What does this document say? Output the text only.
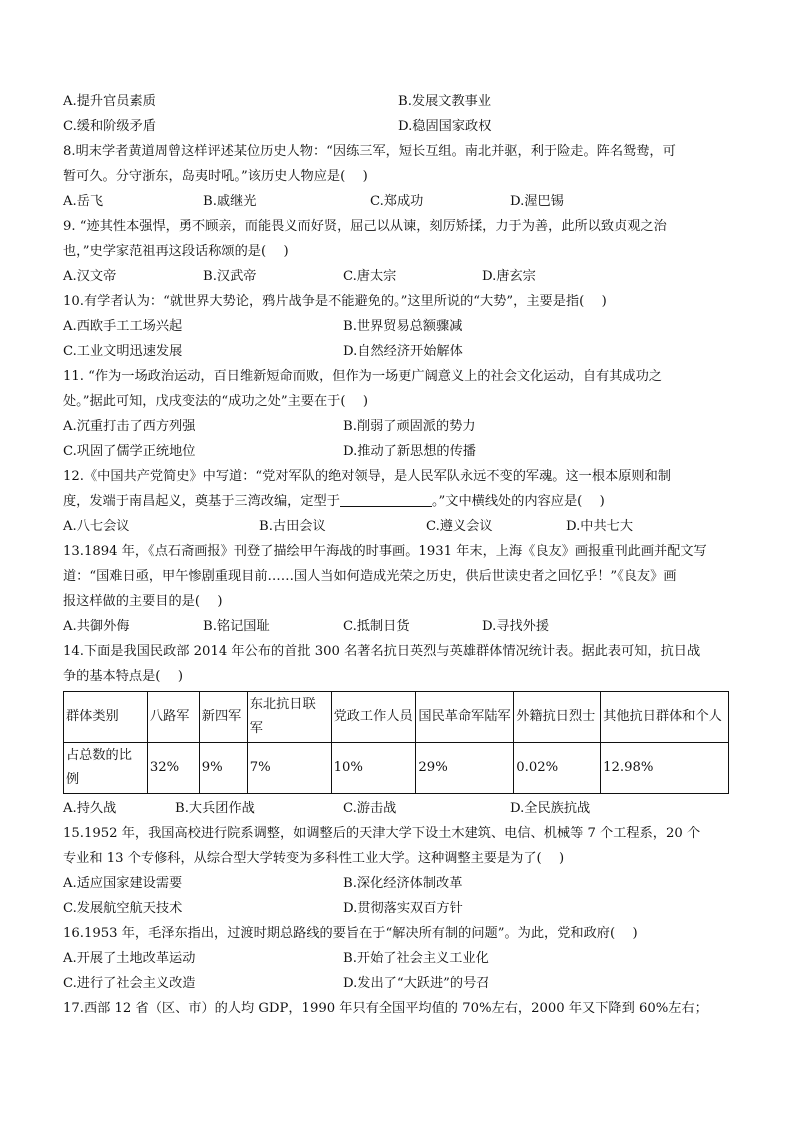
A.提升官员素质	B.发展文教事业
C.缓和阶级矛盾	D.稳固国家政权
8.明末学者黄道周曾这样评述某位历史人物：“因练三军，短长互组。南北并驱，利于险走。阵名鸳鸯，可
暂可久。分守浙东，岛夷时吼。”该历史人物应是(　 )
A.岳飞	B.戚继光	C.郑成功	D.渥巴锡
9. “迹其性本强悍，勇不顾亲，而能畏义而好贤，屈己以从谏，刻厉矫揉，力于为善，此所以致贞观之治
也，”史学家范祖再这段话称颂的是(　 )
A.汉文帝	B.汉武帝	C.唐太宗	D.唐玄宗
10.有学者认为：“就世界大势论，鸦片战争是不能避免的。”这里所说的“大势”，主要是指(　 )
A.西欧手工工场兴起	B.世界贸易总额骤减
C.工业文明迅速发展	D.自然经济开始解体
11. “作为一场政治运动，百日维新短命而败，但作为一场更广阔意义上的社会文化运动，自有其成功之
处。”据此可知，戊戌变法的“成功之处”主要在于(　 )
A.沉重打击了西方列强	B.削弱了顽固派的势力
C.巩固了儒学正统地位	D.推动了新思想的传播
12.《中国共产党简史》中写道：“党对军队的绝对领导，是人民军队永远不变的军魂。这一根本原则和制
度，发端于南昌起义，奠基于三湾改编，定型于	。”文中横线处的内容应是(　 )
A.八七会议	B.古田会议	C.遵义会议	D.中共七大
13.1894 年，《点石斋画报》刊登了描绘甲午海战的时事画。1931 年末，上海《良友》画报重刊此画并配文写
道：“国难日亟，甲午惨剧重现目前……国人当如何造成光荣之历史，供后世读史者之回忆乎！”《良友》画
报这样做的主要目的是(　 )
A.共御外侮	B.铭记国耻	C.抵制日货	D.寻找外援
14.下面是我国民政部 2014 年公布的首批 300 名著名抗日英烈与英雄群体情况统计表。据此表可知，抗日战
争的基本特点是(　 )
群体类别	八路军	新四军	东北抗日联军	党政工作人员	国民革命军陆军	外籍抗日烈士	其他抗日群体和个人
占总数的比例	32%	9%	7%	10%	29%	0.02%	12.98%
A.持久战	B.大兵团作战	C.游击战	D.全民族抗战
15.1952 年，我国高校进行院系调整，如调整后的天津大学下设土木建筑、电信、机械等 7 个工程系，20 个
专业和 13 个专修科，从综合型大学转变为多科性工业大学。这种调整主要是为了(　 )
A.适应国家建设需要	B.深化经济体制改革
C.发展航空航天技术	D.贯彻落实双百方针
16.1953 年，毛泽东指出，过渡时期总路线的要旨在于“解决所有制的问题”。为此，党和政府(　 )
A.开展了土地改革运动	B.开始了社会主义工业化
C.进行了社会主义改造	D.发出了“大跃进”的号召
17.西部 12 省（区、市）的人均 GDP，1990 年只有全国平均值的 70%左右，2000 年又下降到 60%左右；
